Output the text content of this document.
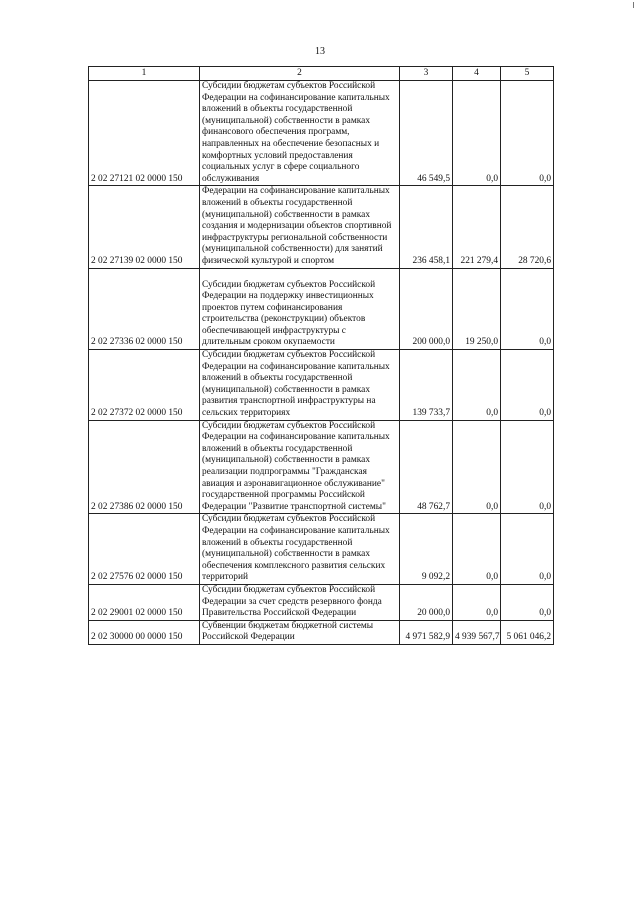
13
1	2	3	4	5
2 02 27121 02 0000 150	Субсидии бюджетам субъектов Российской Федерации на софинансирование капитальных вложений в объекты государственной (муниципальной) собственности в рамках финансового обеспечения программ, направленных на обеспечение безопасных и комфортных условий предоставления социальных услуг в сфере социального обслуживания	46 549,5	0,0	0,0
2 02 27139 02 0000 150	Федерации на софинансирование капитальных вложений в объекты государственной (муниципальной) собственности в рамках создания и модернизации объектов спортивной инфраструктуры региональной собственности (муниципальной собственности) для занятий физической культурой и спортом	236 458,1	221 279,4	28 720,6
2 02 27336 02 0000 150	Субсидии бюджетам субъектов Российской Федерации на поддержку инвестиционных проектов путем софинансирования строительства (реконструкции) объектов обеспечивающей инфраструктуры с длительным сроком окупаемости	200 000,0	19 250,0	0,0
2 02 27372 02 0000 150	Субсидии бюджетам субъектов Российской Федерации на софинансирование капитальных вложений в объекты государственной (муниципальной) собственности в рамках развития транспортной инфраструктуры на сельских территориях	139 733,7	0,0	0,0
2 02 27386 02 0000 150	Субсидии бюджетам субъектов Российской Федерации на софинансирование капитальных вложений в объекты государственной (муниципальной) собственности в рамках реализации подпрограммы "Гражданская авиация и аэронавигационное обслуживание" государственной программы Российской Федерации "Развитие транспортной системы"	48 762,7	0,0	0,0
2 02 27576 02 0000 150	Субсидии бюджетам субъектов Российской Федерации на софинансирование капитальных вложений в объекты государственной (муниципальной) собственности в рамках обеспечения комплексного развития сельских территорий	9 092,2	0,0	0,0
2 02 29001 02 0000 150	Субсидии бюджетам субъектов Российской Федерации за счет средств резервного фонда Правительства Российской Федерации	20 000,0	0,0	0,0
2 02 30000 00 0000 150	Субвенции бюджетам бюджетной системы Российской Федерации	4 971 582,9	4 939 567,7	5 061 046,2
